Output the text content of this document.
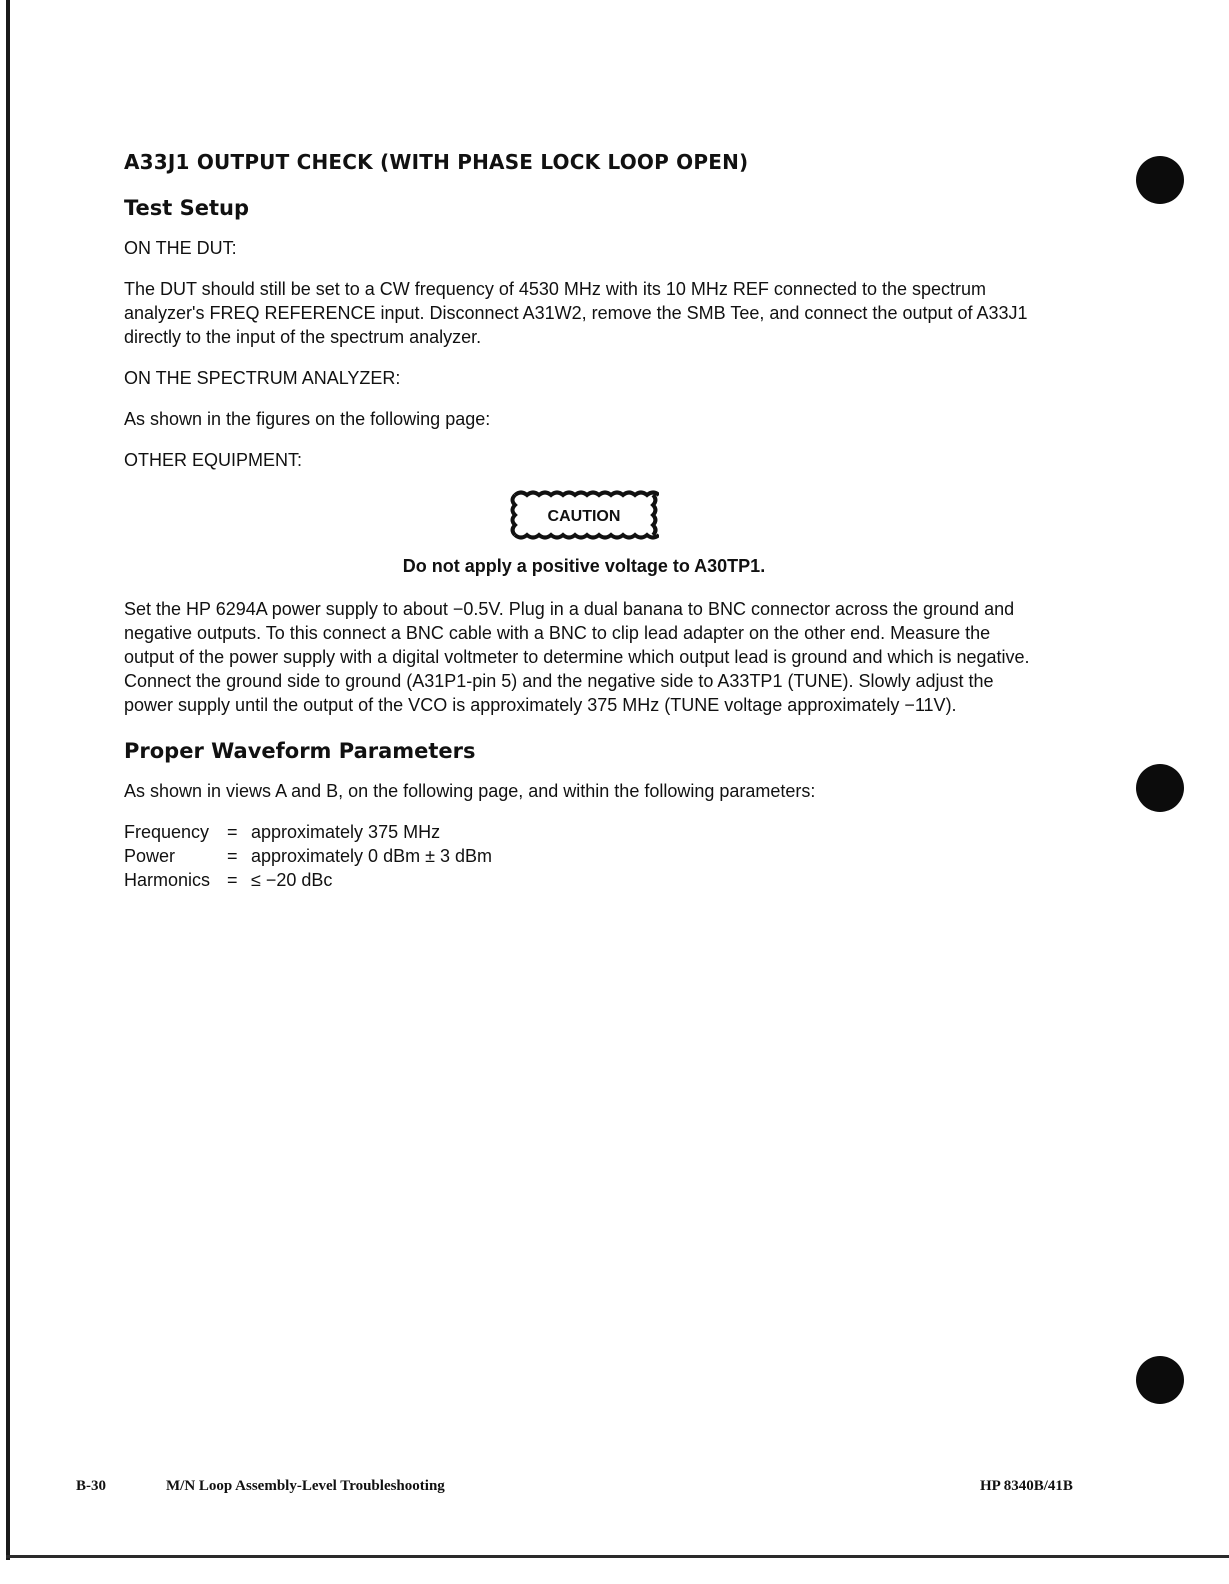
A33J1 OUTPUT CHECK (WITH PHASE LOCK LOOP OPEN)
Test Setup

ON THE DUT:

The DUT should still be set to a CW frequency of 4530 MHz with its 10 MHz REF connected to the spectrum analyzer's FREQ REFERENCE input. Disconnect A31W2, remove the SMB Tee, and connect the output of A33J1 directly to the input of the spectrum analyzer.

ON THE SPECTRUM ANALYZER:

As shown in the figures on the following page:

OTHER EQUIPMENT:

CAUTION
Do not apply a positive voltage to A30TP1.

Set the HP 6294A power supply to about −0.5V. Plug in a dual banana to BNC connector across the ground and negative outputs. To this connect a BNC cable with a BNC to clip lead adapter on the other end. Measure the output of the power supply with a digital voltmeter to determine which output lead is ground and which is negative. Connect the ground side to ground (A31P1-pin 5) and the negative side to A33TP1 (TUNE). Slowly adjust the power supply until the output of the VCO is approximately 375 MHz (TUNE voltage approximately −11V).

Proper Waveform Parameters

As shown in views A and B, on the following page, and within the following parameters:

Frequency = approximately 375 MHz
Power	= approximately 0 dBm ± 3 dBm
Harmonics = ≤ −20 dBc
B-30	M/N Loop Assembly-Level Troubleshooting	HP 8340B/41B
